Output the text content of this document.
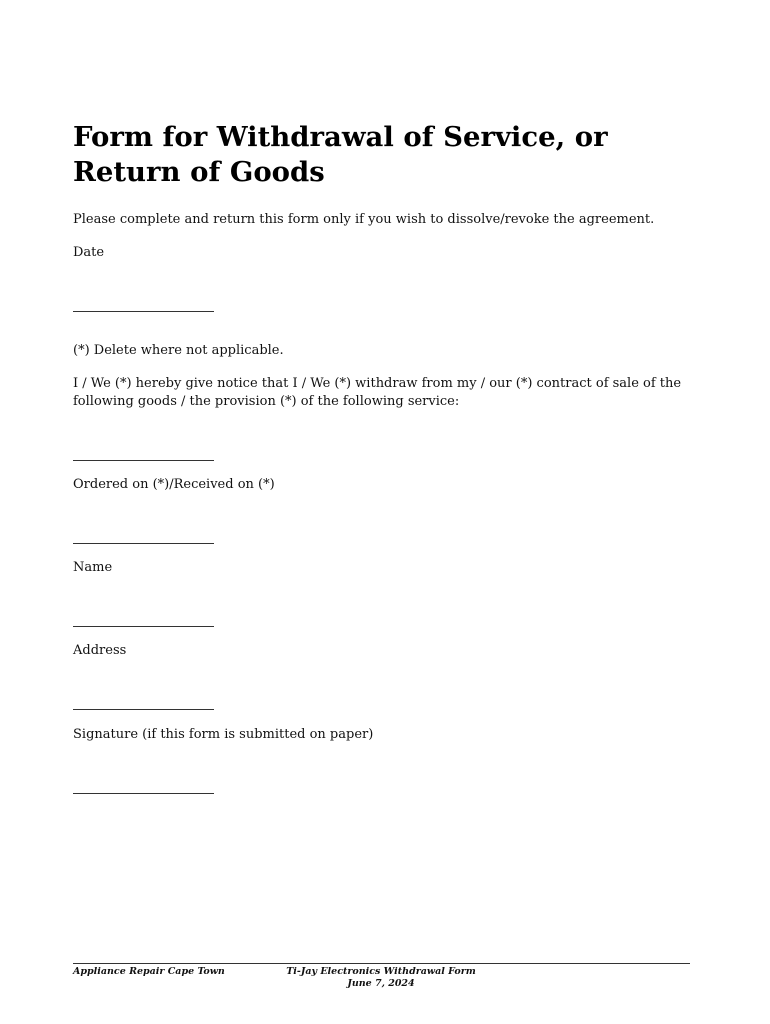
Form for Withdrawal of Service, or Return of Goods

Please complete and return this form only if you wish to dissolve/revoke the agreement.

Date

(*) Delete where not applicable.

I / We (*) hereby give notice that I / We (*) withdraw from my / our (*) contract of sale of the following goods / the provision (*) of the following service:

Ordered on (*)/Received on (*)

Name

Address

Signature (if this form is submitted on paper)

Appliance Repair Cape Town	Ti-Jay Electronics Withdrawal Form
June 7, 2024
